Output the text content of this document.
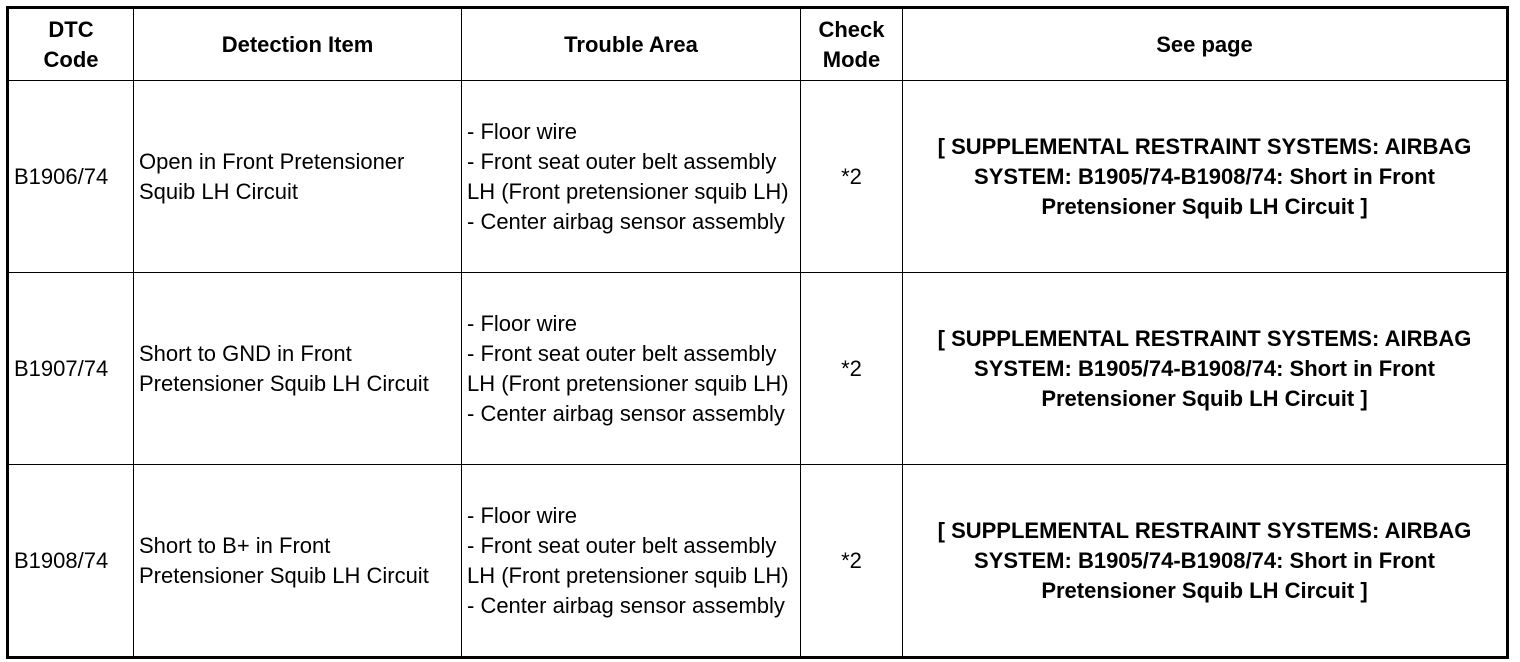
DTC Code	Detection Item	Trouble Area	Check Mode	See page
B1906/74	Open in Front Pretensioner Squib LH Circuit	- Floor wire
- Front seat outer belt assembly LH (Front pretensioner squib LH)
- Center airbag sensor assembly	*2	[ SUPPLEMENTAL RESTRAINT SYSTEMS: AIRBAG SYSTEM: B1905/74-B1908/74: Short in Front Pretensioner Squib LH Circuit ]
B1907/74	Short to GND in Front Pretensioner Squib LH Circuit	- Floor wire
- Front seat outer belt assembly LH (Front pretensioner squib LH)
- Center airbag sensor assembly	*2	[ SUPPLEMENTAL RESTRAINT SYSTEMS: AIRBAG SYSTEM: B1905/74-B1908/74: Short in Front Pretensioner Squib LH Circuit ]
B1908/74	Short to B+ in Front Pretensioner Squib LH Circuit	- Floor wire
- Front seat outer belt assembly LH (Front pretensioner squib LH)
- Center airbag sensor assembly	*2	[ SUPPLEMENTAL RESTRAINT SYSTEMS: AIRBAG SYSTEM: B1905/74-B1908/74: Short in Front Pretensioner Squib LH Circuit ]
